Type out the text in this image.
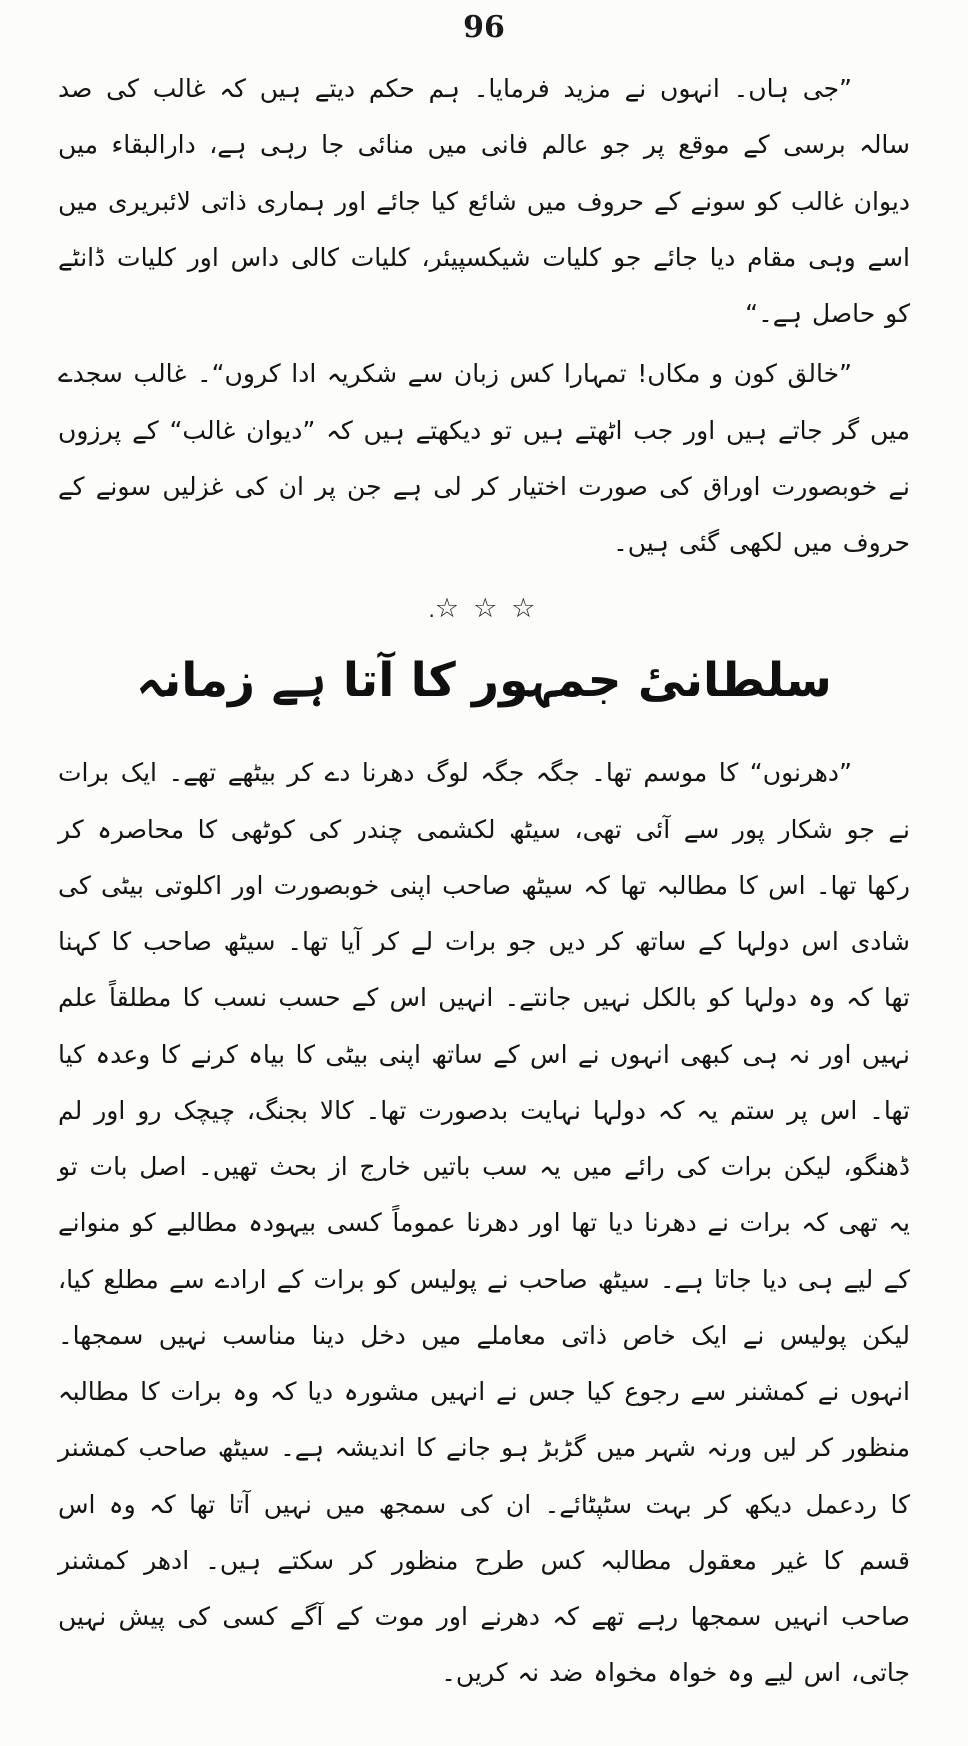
96

”جی ہاں۔ انہوں نے مزید فرمایا۔ ہم حکم دیتے ہیں کہ غالب کی صد سالہ برسی کے موقع پر جو عالم فانی میں منائی جا رہی ہے، دارالبقاء میں دیوان غالب کو سونے کے حروف میں شائع کیا جائے اور ہماری ذاتی لائبریری میں اسے وہی مقام دیا جائے جو کلیات شیکسپیئر، کلیات کالی داس اور کلیات ڈانٹے کو حاصل ہے۔“

”خالق کون و مکاں! تمہارا کس زبان سے شکریہ ادا کروں“۔ غالب سجدے میں گر جاتے ہیں اور جب اٹھتے ہیں تو دیکھتے ہیں کہ ”دیوان غالب“ کے پرزوں نے خوبصورت اوراق کی صورت اختیار کر لی ہے جن پر ان کی غزلیں سونے کے حروف میں لکھی گئی ہیں۔

☆☆☆.
سلطانیٔ جمہور کا آتا ہے زمانہ

”دھرنوں“ کا موسم تھا۔ جگہ جگہ لوگ دھرنا دے کر بیٹھے تھے۔ ایک برات نے جو شکار پور سے آئی تھی، سیٹھ لکشمی چندر کی کوٹھی کا محاصرہ کر رکھا تھا۔ اس کا مطالبہ تھا کہ سیٹھ صاحب اپنی خوبصورت اور اکلوتی بیٹی کی شادی اس دولہا کے ساتھ کر دیں جو برات لے کر آیا تھا۔ سیٹھ صاحب کا کہنا تھا کہ وہ دولہا کو بالکل نہیں جانتے۔ انہیں اس کے حسب نسب کا مطلقاً علم نہیں اور نہ ہی کبھی انہوں نے اس کے ساتھ اپنی بیٹی کا بیاہ کرنے کا وعدہ کیا تھا۔ اس پر ستم یہ کہ دولہا نہایت بدصورت تھا۔ کالا بجنگ، چیچک رو اور لم ڈھنگو، لیکن برات کی رائے میں یہ سب باتیں خارج از بحث تھیں۔ اصل بات تو یہ تھی کہ برات نے دھرنا دیا تھا اور دھرنا عموماً کسی بیہودہ مطالبے کو منوانے کے لیے ہی دیا جاتا ہے۔ سیٹھ صاحب نے پولیس کو برات کے ارادے سے مطلع کیا، لیکن پولیس نے ایک خاص ذاتی معاملے میں دخل دینا مناسب نہیں سمجھا۔ انہوں نے کمشنر سے رجوع کیا جس نے انہیں مشورہ دیا کہ وہ برات کا مطالبہ منظور کر لیں ورنہ شہر میں گڑبڑ ہو جانے کا اندیشہ ہے۔ سیٹھ صاحب کمشنر کا ردعمل دیکھ کر بہت سٹپٹائے۔ ان کی سمجھ میں نہیں آتا تھا کہ وہ اس قسم کا غیر معقول مطالبہ کس طرح منظور کر سکتے ہیں۔ ادھر کمشنر صاحب انہیں سمجھا رہے تھے کہ دھرنے اور موت کے آگے کسی کی پیش نہیں جاتی، اس لیے وہ خواہ مخواہ ضد نہ کریں۔
